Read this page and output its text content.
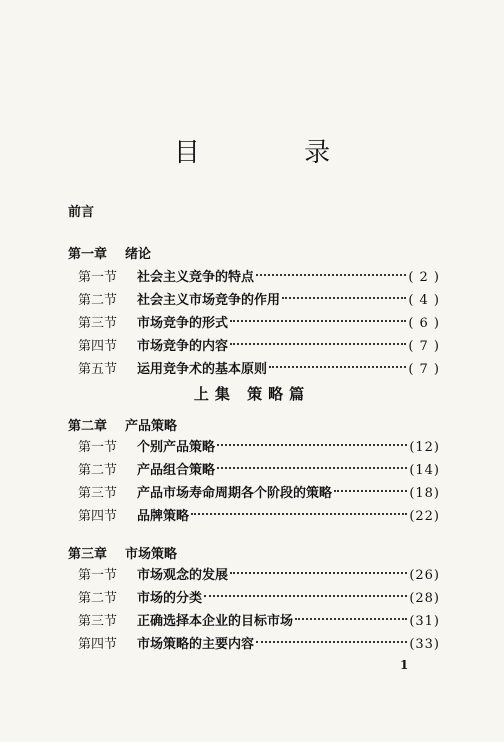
目 录
前言
第一章 绪论
第一节	社会主义竞争的特点	( 2 )
第二节	社会主义市场竞争的作用	( 4 )
第三节	市场竞争的形式	( 6 )
第四节	市场竞争的内容	( 7 )
第五节	运用竞争术的基本原则	( 7 )
上集 策略篇
第二章 产品策略
第一节	个别产品策略	(12)
第二节	产品组合策略	(14)
第三节	产品市场寿命周期各个阶段的策略	(18)
第四节	品牌策略	(22)
第三章 市场策略
第一节	市场观念的发展	(26)
第二节	市场的分类	(28)
第三节	正确选择本企业的目标市场	(31)
第四节	市场策略的主要内容	(33)
1
